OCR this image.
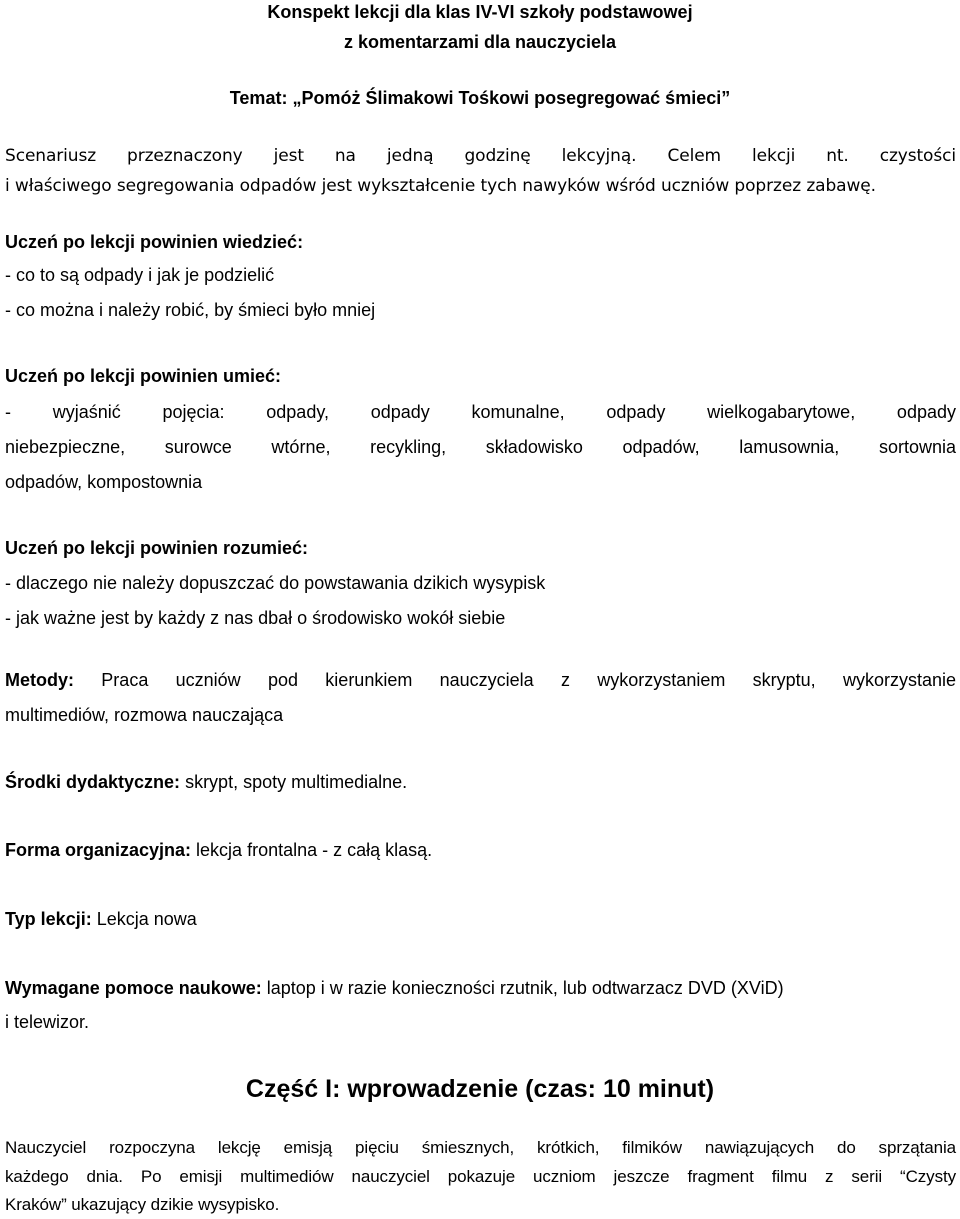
Konspekt lekcji dla klas IV-VI szkoły podstawowej
z komentarzami dla nauczyciela
Temat: „Pomóż Ślimakowi Tośkowi posegregować śmieci”
Scenariusz przeznaczony jest na jedną godzinę lekcyjną. Celem lekcji nt. czystości
i właściwego segregowania odpadów jest wykształcenie tych nawyków wśród uczniów poprzez zabawę.
Uczeń po lekcji powinien wiedzieć:
- co to są odpady i jak je podzielić
- co można i należy robić, by śmieci było mniej
Uczeń po lekcji powinien umieć:
- wyjaśnić pojęcia: odpady, odpady komunalne, odpady wielkogabarytowe, odpady
niebezpieczne, surowce wtórne, recykling, składowisko odpadów, lamusownia, sortownia
odpadów, kompostownia
Uczeń po lekcji powinien rozumieć:
- dlaczego nie należy dopuszczać do powstawania dzikich wysypisk
- jak ważne jest by każdy z nas dbał o środowisko wokół siebie
Metody: Praca uczniów pod kierunkiem nauczyciela z wykorzystaniem skryptu, wykorzystanie
multimediów, rozmowa nauczająca
Środki dydaktyczne: skrypt, spoty multimedialne.
Forma organizacyjna: lekcja frontalna - z całą klasą.
Typ lekcji: Lekcja nowa
Wymagane pomoce naukowe: laptop i w razie konieczności rzutnik, lub odtwarzacz DVD (XViD)
i telewizor.
Część I: wprowadzenie (czas: 10 minut)
Nauczyciel rozpoczyna lekcję emisją pięciu śmiesznych, krótkich, filmików nawiązujących do sprzątania
każdego dnia. Po emisji multimediów nauczyciel pokazuje uczniom jeszcze fragment filmu z serii “Czysty
Kraków” ukazujący dzikie wysypisko.
